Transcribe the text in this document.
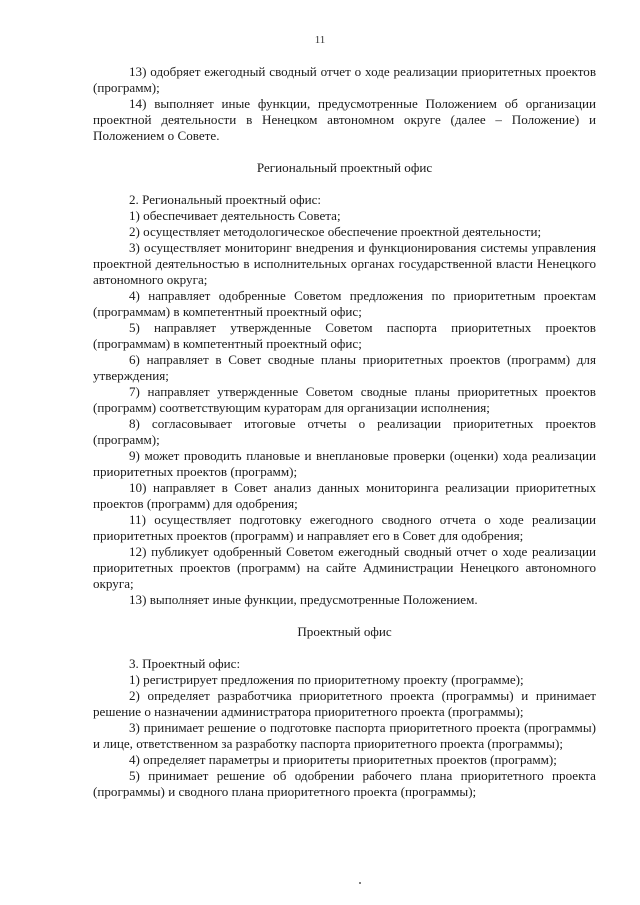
11

13) одобряет ежегодный сводный отчет о ходе реализации приоритетных проектов (программ);

14) выполняет иные функции, предусмотренные Положением об организации проектной деятельности в Ненецком автономном округе (далее – Положение) и Положением о Совете.

Региональный проектный офис

2. Региональный проектный офис:

1) обеспечивает деятельность Совета;

2) осуществляет методологическое обеспечение проектной деятельности;

3) осуществляет мониторинг внедрения и функционирования системы управления проектной деятельностью в исполнительных органах государственной власти Ненецкого автономного округа;

4) направляет одобренные Советом предложения по приоритетным проектам (программам) в компетентный проектный офис;

5) направляет утвержденные Советом паспорта приоритетных проектов (программам) в компетентный проектный офис;

6) направляет в Совет сводные планы приоритетных проектов (программ) для утверждения;

7) направляет утвержденные Советом сводные планы приоритетных проектов (программ) соответствующим кураторам для организации исполнения;

8) согласовывает итоговые отчеты о реализации приоритетных проектов (программ);

9) может проводить плановые и внеплановые проверки (оценки) хода реализации приоритетных проектов (программ);

10) направляет в Совет анализ данных мониторинга реализации приоритетных проектов (программ) для одобрения;

11) осуществляет подготовку ежегодного сводного отчета о ходе реализации приоритетных проектов (программ) и направляет его в Совет для одобрения;

12) публикует одобренный Советом ежегодный сводный отчет о ходе реализации приоритетных проектов (программ) на сайте Администрации Ненецкого автономного округа;

13) выполняет иные функции, предусмотренные Положением.

Проектный офис

3. Проектный офис:

1) регистрирует предложения по приоритетному проекту (программе);

2) определяет разработчика приоритетного проекта (программы) и принимает решение о назначении администратора приоритетного проекта (программы);

3) принимает решение о подготовке паспорта приоритетного проекта (программы) и лице, ответственном за разработку паспорта приоритетного проекта (программы);

4) определяет параметры и приоритеты приоритетных проектов (программ);

5) принимает решение об одобрении рабочего плана приоритетного проекта (программы) и сводного плана приоритетного проекта (программы);
